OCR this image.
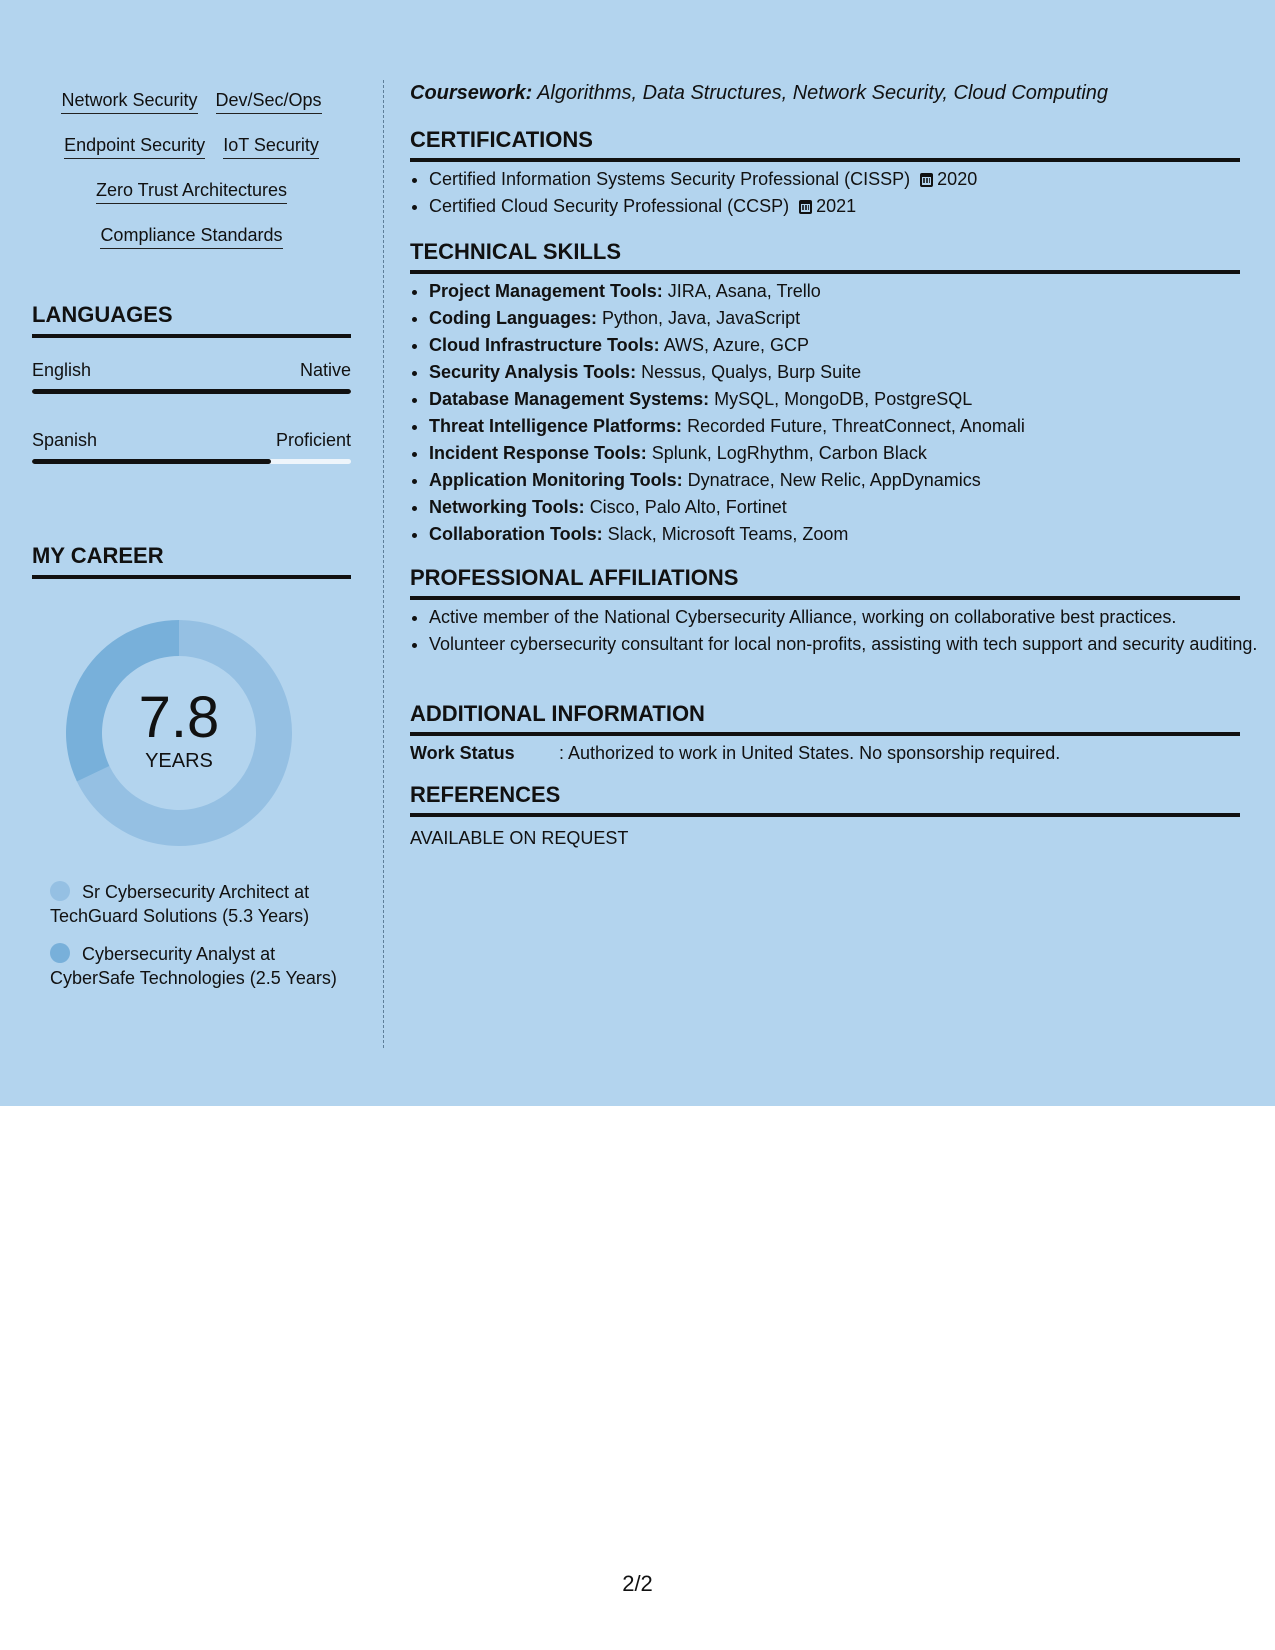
Network Security Dev/Sec/Ops
Endpoint Security IoT Security
Zero Trust Architectures
Compliance Standards
LANGUAGES
English	Native
Spanish	Proficient
MY CAREER
7.8
YEARS
Sr Cybersecurity Architect at TechGuard Solutions (5.3 Years)
Cybersecurity Analyst at CyberSafe Technologies (2.5 Years)
Coursework: Algorithms, Data Structures, Network Security, Cloud Computing
CERTIFICATIONS
• Certified Information Systems Security Professional (CISSP) 2020
• Certified Cloud Security Professional (CCSP) 2021
TECHNICAL SKILLS
• Project Management Tools: JIRA, Asana, Trello
• Coding Languages: Python, Java, JavaScript
• Cloud Infrastructure Tools: AWS, Azure, GCP
• Security Analysis Tools: Nessus, Qualys, Burp Suite
• Database Management Systems: MySQL, MongoDB, PostgreSQL
• Threat Intelligence Platforms: Recorded Future, ThreatConnect, Anomali
• Incident Response Tools: Splunk, LogRhythm, Carbon Black
• Application Monitoring Tools: Dynatrace, New Relic, AppDynamics
• Networking Tools: Cisco, Palo Alto, Fortinet
• Collaboration Tools: Slack, Microsoft Teams, Zoom
PROFESSIONAL AFFILIATIONS
• Active member of the National Cybersecurity Alliance, working on collaborative best practices.
• Volunteer cybersecurity consultant for local non-profits, assisting with tech support and security auditing.
ADDITIONAL INFORMATION
Work Status : Authorized to work in United States. No sponsorship required.
REFERENCES
AVAILABLE ON REQUEST
2/2
